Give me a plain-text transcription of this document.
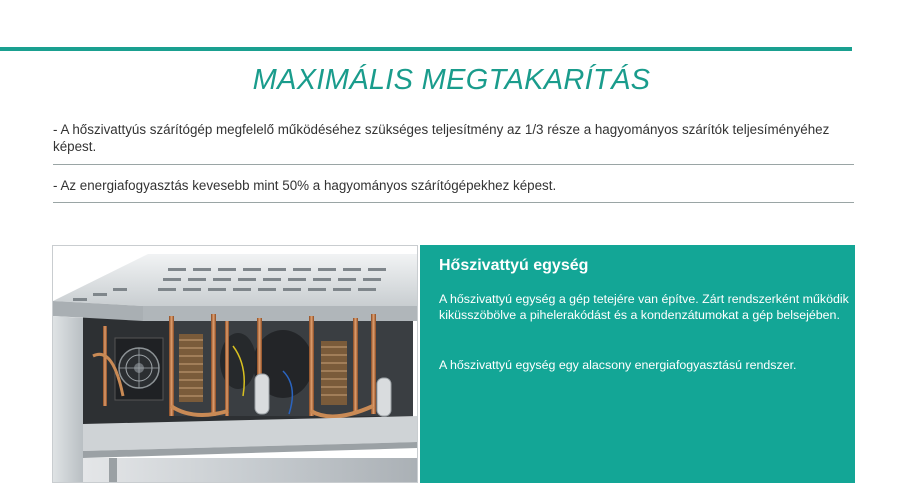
MAXIMÁLIS MEGTAKARÍTÁS

- A hőszivattyús szárítógép megfelelő működéséhez szükséges teljesítmény az 1/3 része a hagyományos szárítók teljesíményéhez képest.

- Az energiafogyasztás kevesebb mint 50% a hagyományos szárítógépekhez képest.

Hőszivattyú egység

A hőszivattyú egység a gép tetejére van építve. Zárt rendszerként működik kiküsszöbölve a pihelerakódást és a kondenzátumokat a gép belsejében.

A hőszivattyú egység egy alacsony energiafogyasztású rendszer.
